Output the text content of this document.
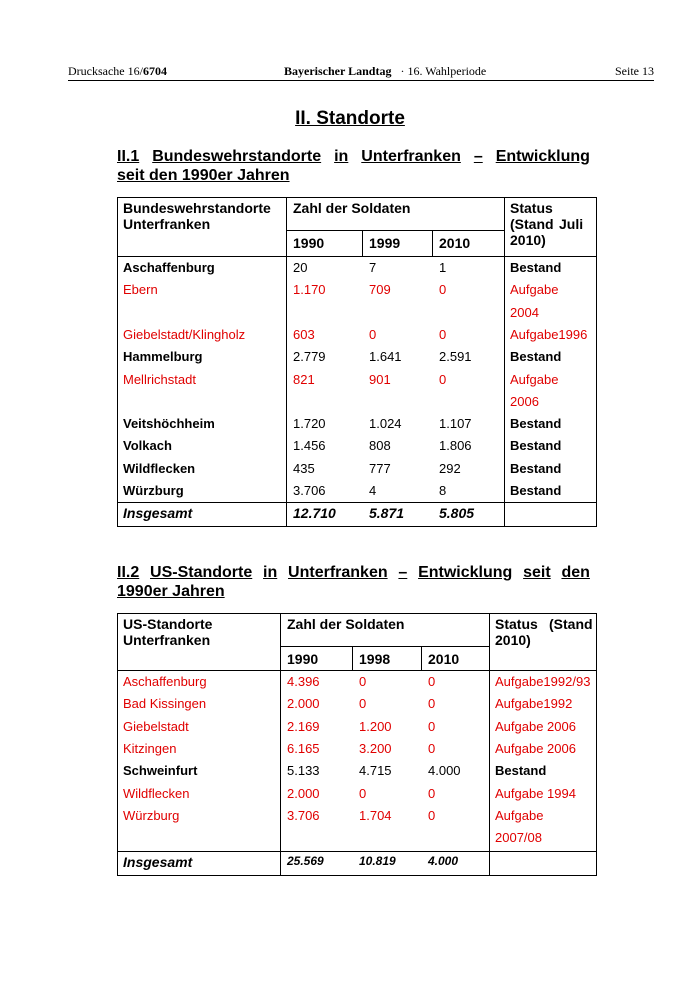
Drucksache 16/6704	Bayerischer Landtag · 16. Wahlperiode	Seite 13
II. Standorte
II.1 Bundeswehrstandorte in Unterfranken – Entwicklung
seit den 1990er Jahren
Bundeswehrstandorte
Unterfranken
Zahl der Soldaten	Status
(Stand Juli
2010)
1990	1999	2010
Aschaffenburg	20	7	1	Bestand
Ebern	1.170	709	0	Aufgabe
2004
Giebelstadt/Klingholz	603	0	0	Aufgabe1996
Hammelburg	2.779	1.641	2.591	Bestand
Mellrichstadt	821	901	0	Aufgabe
2006
Veitshöchheim	1.720	1.024	1.107	Bestand
Volkach	1.456	808	1.806	Bestand
Wildflecken	435	777	292	Bestand
Würzburg	3.706	4	8	Bestand
Insgesamt	12.710 5.871 5.805
II.2 US-Standorte in Unterfranken – Entwicklung seit den
1990er Jahren
US-Standorte
Unterfranken
Zahl der Soldaten	Status (Stand
2010)
1990	1998	2010
Aschaffenburg	4.396	0	0	Aufgabe1992/93
Bad Kissingen	2.000	0	0	Aufgabe1992
Giebelstadt	2.169	1.200	0	Aufgabe 2006
Kitzingen	6.165	3.200	0	Aufgabe 2006
Schweinfurt	5.133	4.715	4.000	Bestand
Wildflecken	2.000	0	0	Aufgabe 1994
Würzburg	3.706	1.704	0	Aufgabe
2007/08
Insgesamt	25.569	10.819	4.000
